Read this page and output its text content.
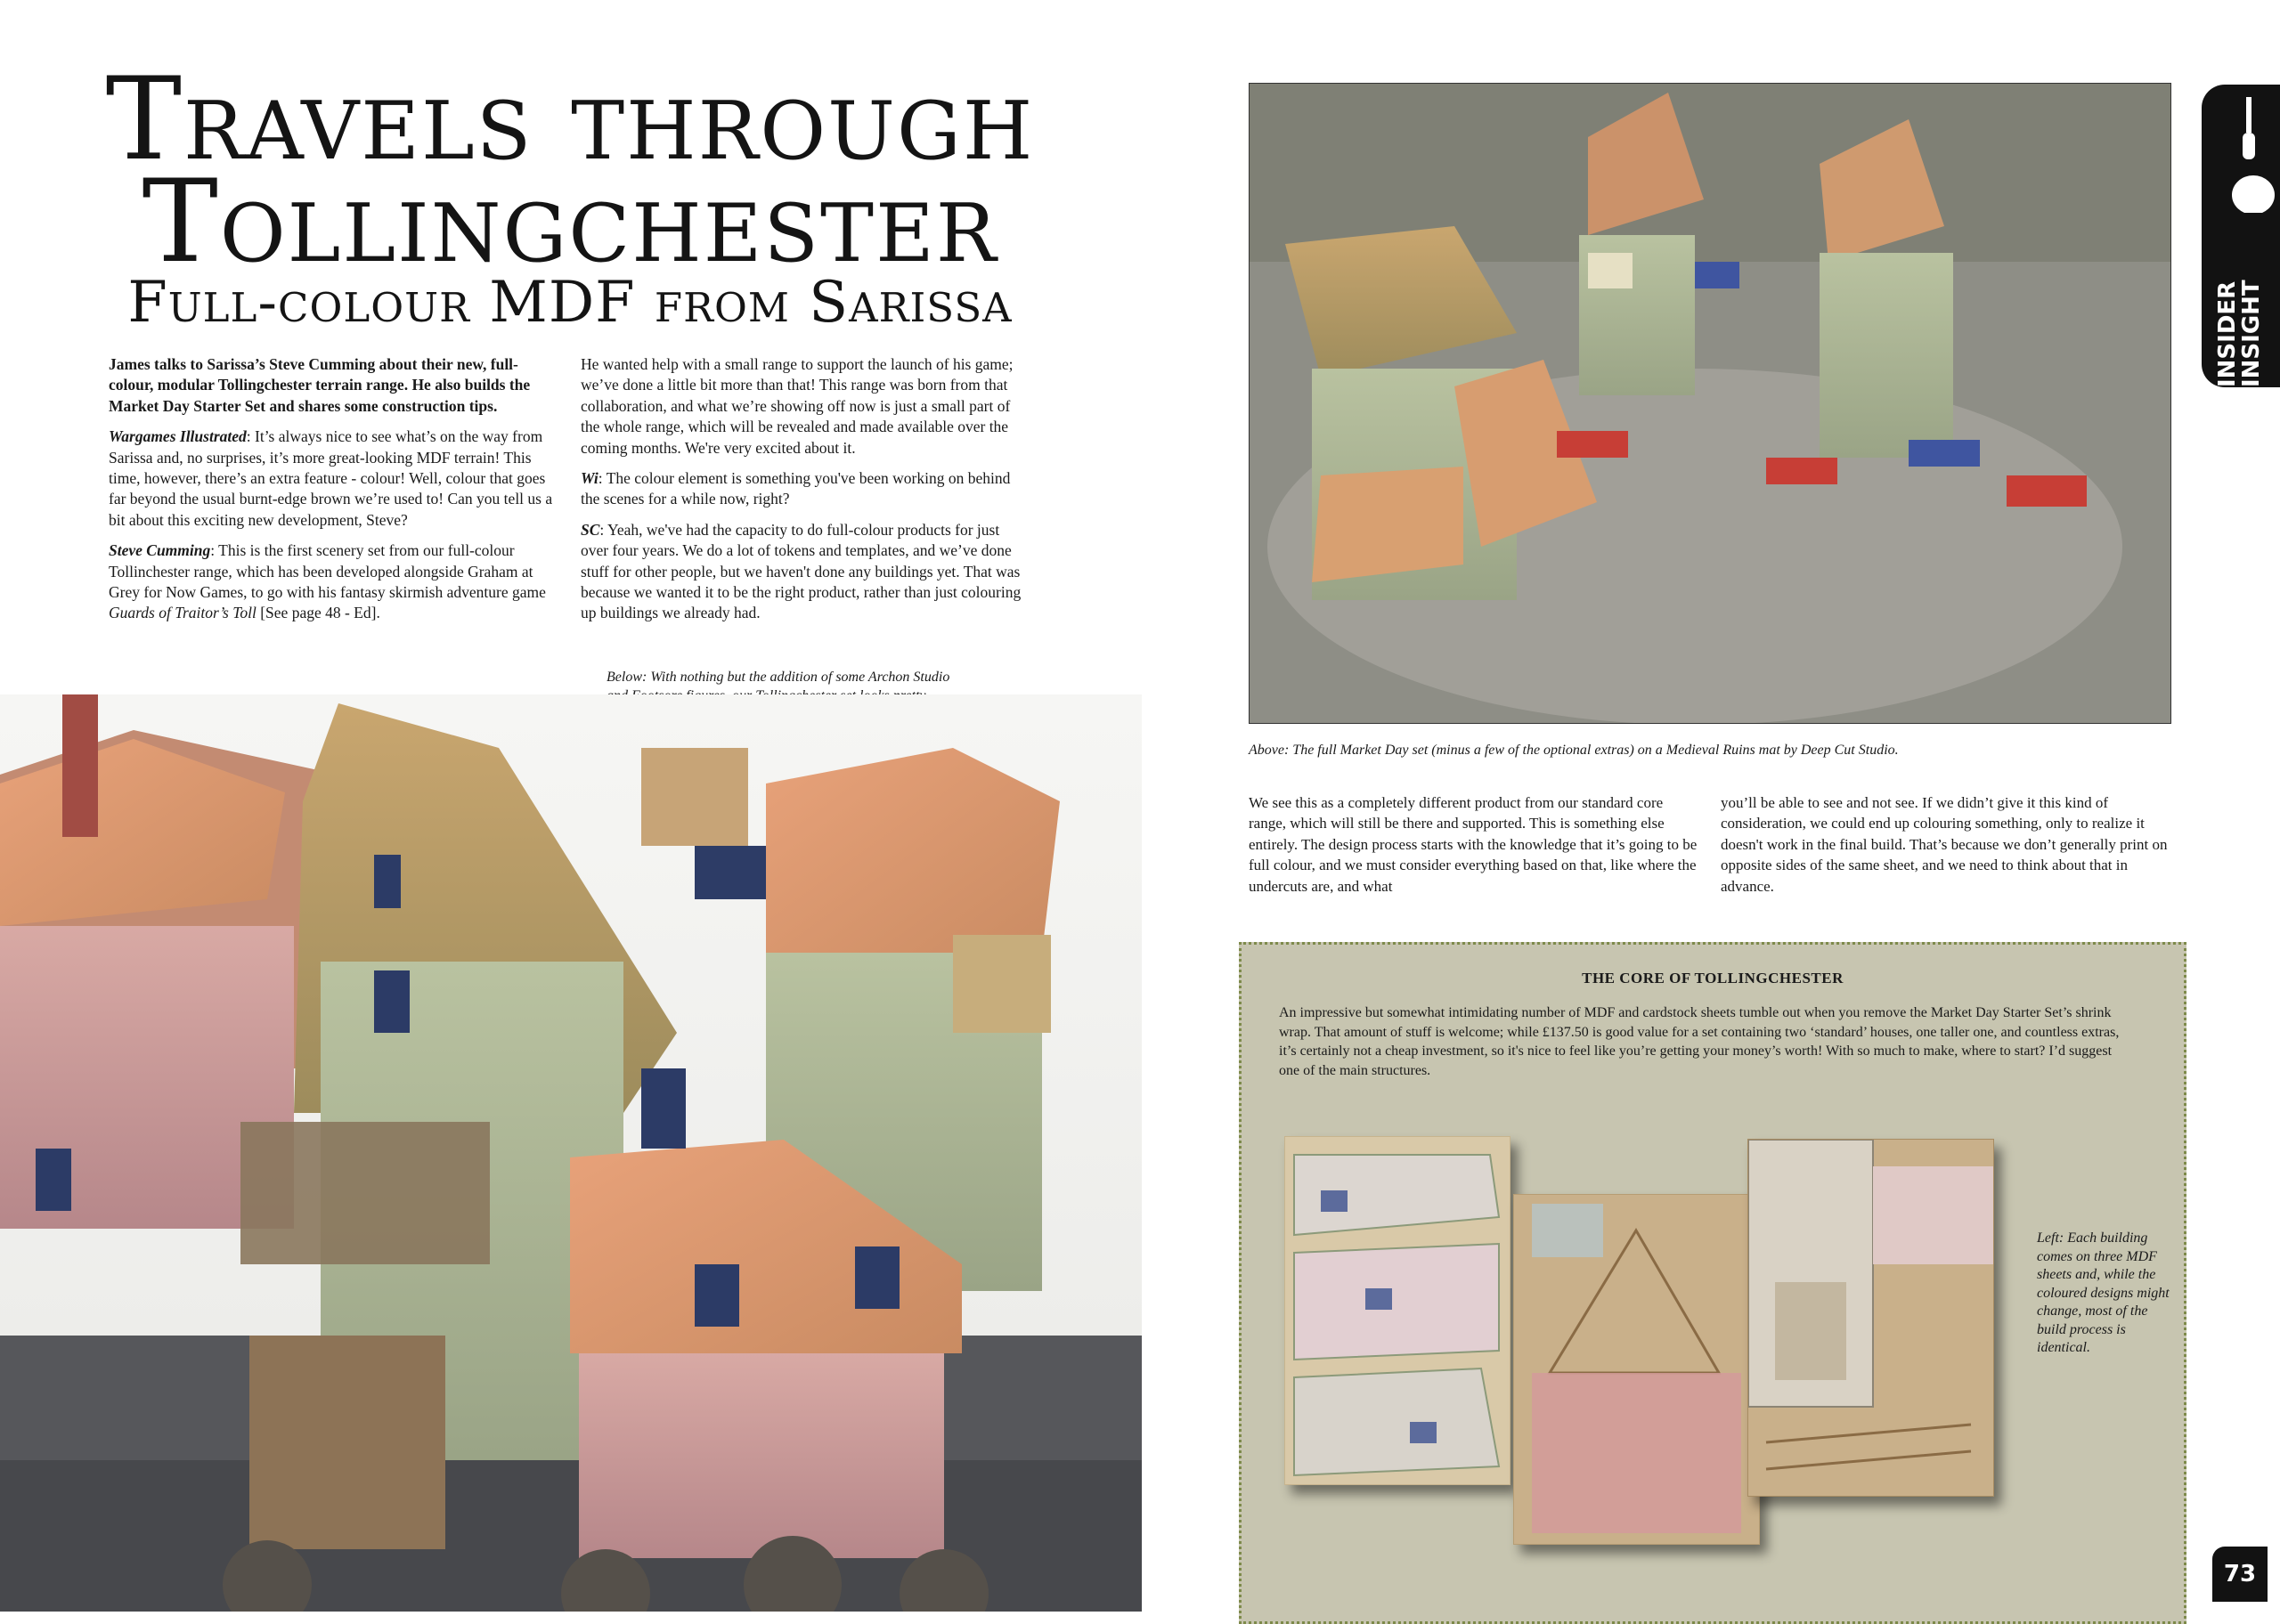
Travels through
Tollingchester
Full-colour MDF from Sarissa

James talks to Sarissa’s Steve Cumming about their new, full-colour, modular Tollingchester terrain range. He also builds the Market Day Starter Set and shares some construction tips.

Wargames Illustrated: It’s always nice to see what’s on the way from Sarissa and, no surprises, it’s more great-looking MDF terrain! This time, however, there’s an extra feature - colour! Well, colour that goes far beyond the usual burnt-edge brown we’re used to! Can you tell us a bit about this exciting new development, Steve?

Steve Cumming: This is the first scenery set from our full-colour Tollinchester range, which has been developed alongside Graham at Grey for Now Games, to go with his fantasy skirmish adventure game Guards of Traitor’s Toll [See page 48 - Ed].

He wanted help with a small range to support the launch of his game; we’ve done a little bit more than that! This range was born from that collaboration, and what we’re showing off now is just a small part of the whole range, which will be revealed and made available over the coming months. We're very excited about it.

Wi: The colour element is something you've been working on behind the scenes for a while now, right?

SC: Yeah, we've had the capacity to do full-colour products for just over four years. We do a lot of tokens and templates, and we’ve done stuff for other people, but we haven't done any buildings yet. That was because we wanted it to be the right product, rather than just colouring up buildings we already had.

Below: With nothing but the addition of some Archon Studio
Above: The full Market Day set (minus a few of the optional extras) on a Medieval Ruins mat by Deep Cut Studio.
We see this as a completely different product from our standard core range, which will still be there and supported. This is something else entirely. The design process starts with the knowledge that it’s going to be full colour, and we must consider everything based on that, like where the undercuts are, and what
you’ll be able to see and not see. If we didn’t give it this kind of consideration, we could end up colouring something, only to realize it doesn't work in the final build. That’s because we don’t generally print on opposite sides of the same sheet, and we need to think about that in advance.
INSIDER
INSIGHT
THE CORE OF TOLLINGCHESTER
An impressive but somewhat intimidating number of MDF and cardstock sheets tumble out when you remove the Market Day Starter Set’s shrink wrap. That amount of stuff is welcome; while £137.50 is good value for a set containing two ‘standard’ houses, one taller one, and countless extras, it’s certainly not a cheap investment, so it's nice to feel like you’re getting your money’s worth! With so much to make, where to start? I’d suggest one of the main structures.
Left: Each building comes on three MDF sheets and, while the coloured designs might change, most of the build process is identical.
73
